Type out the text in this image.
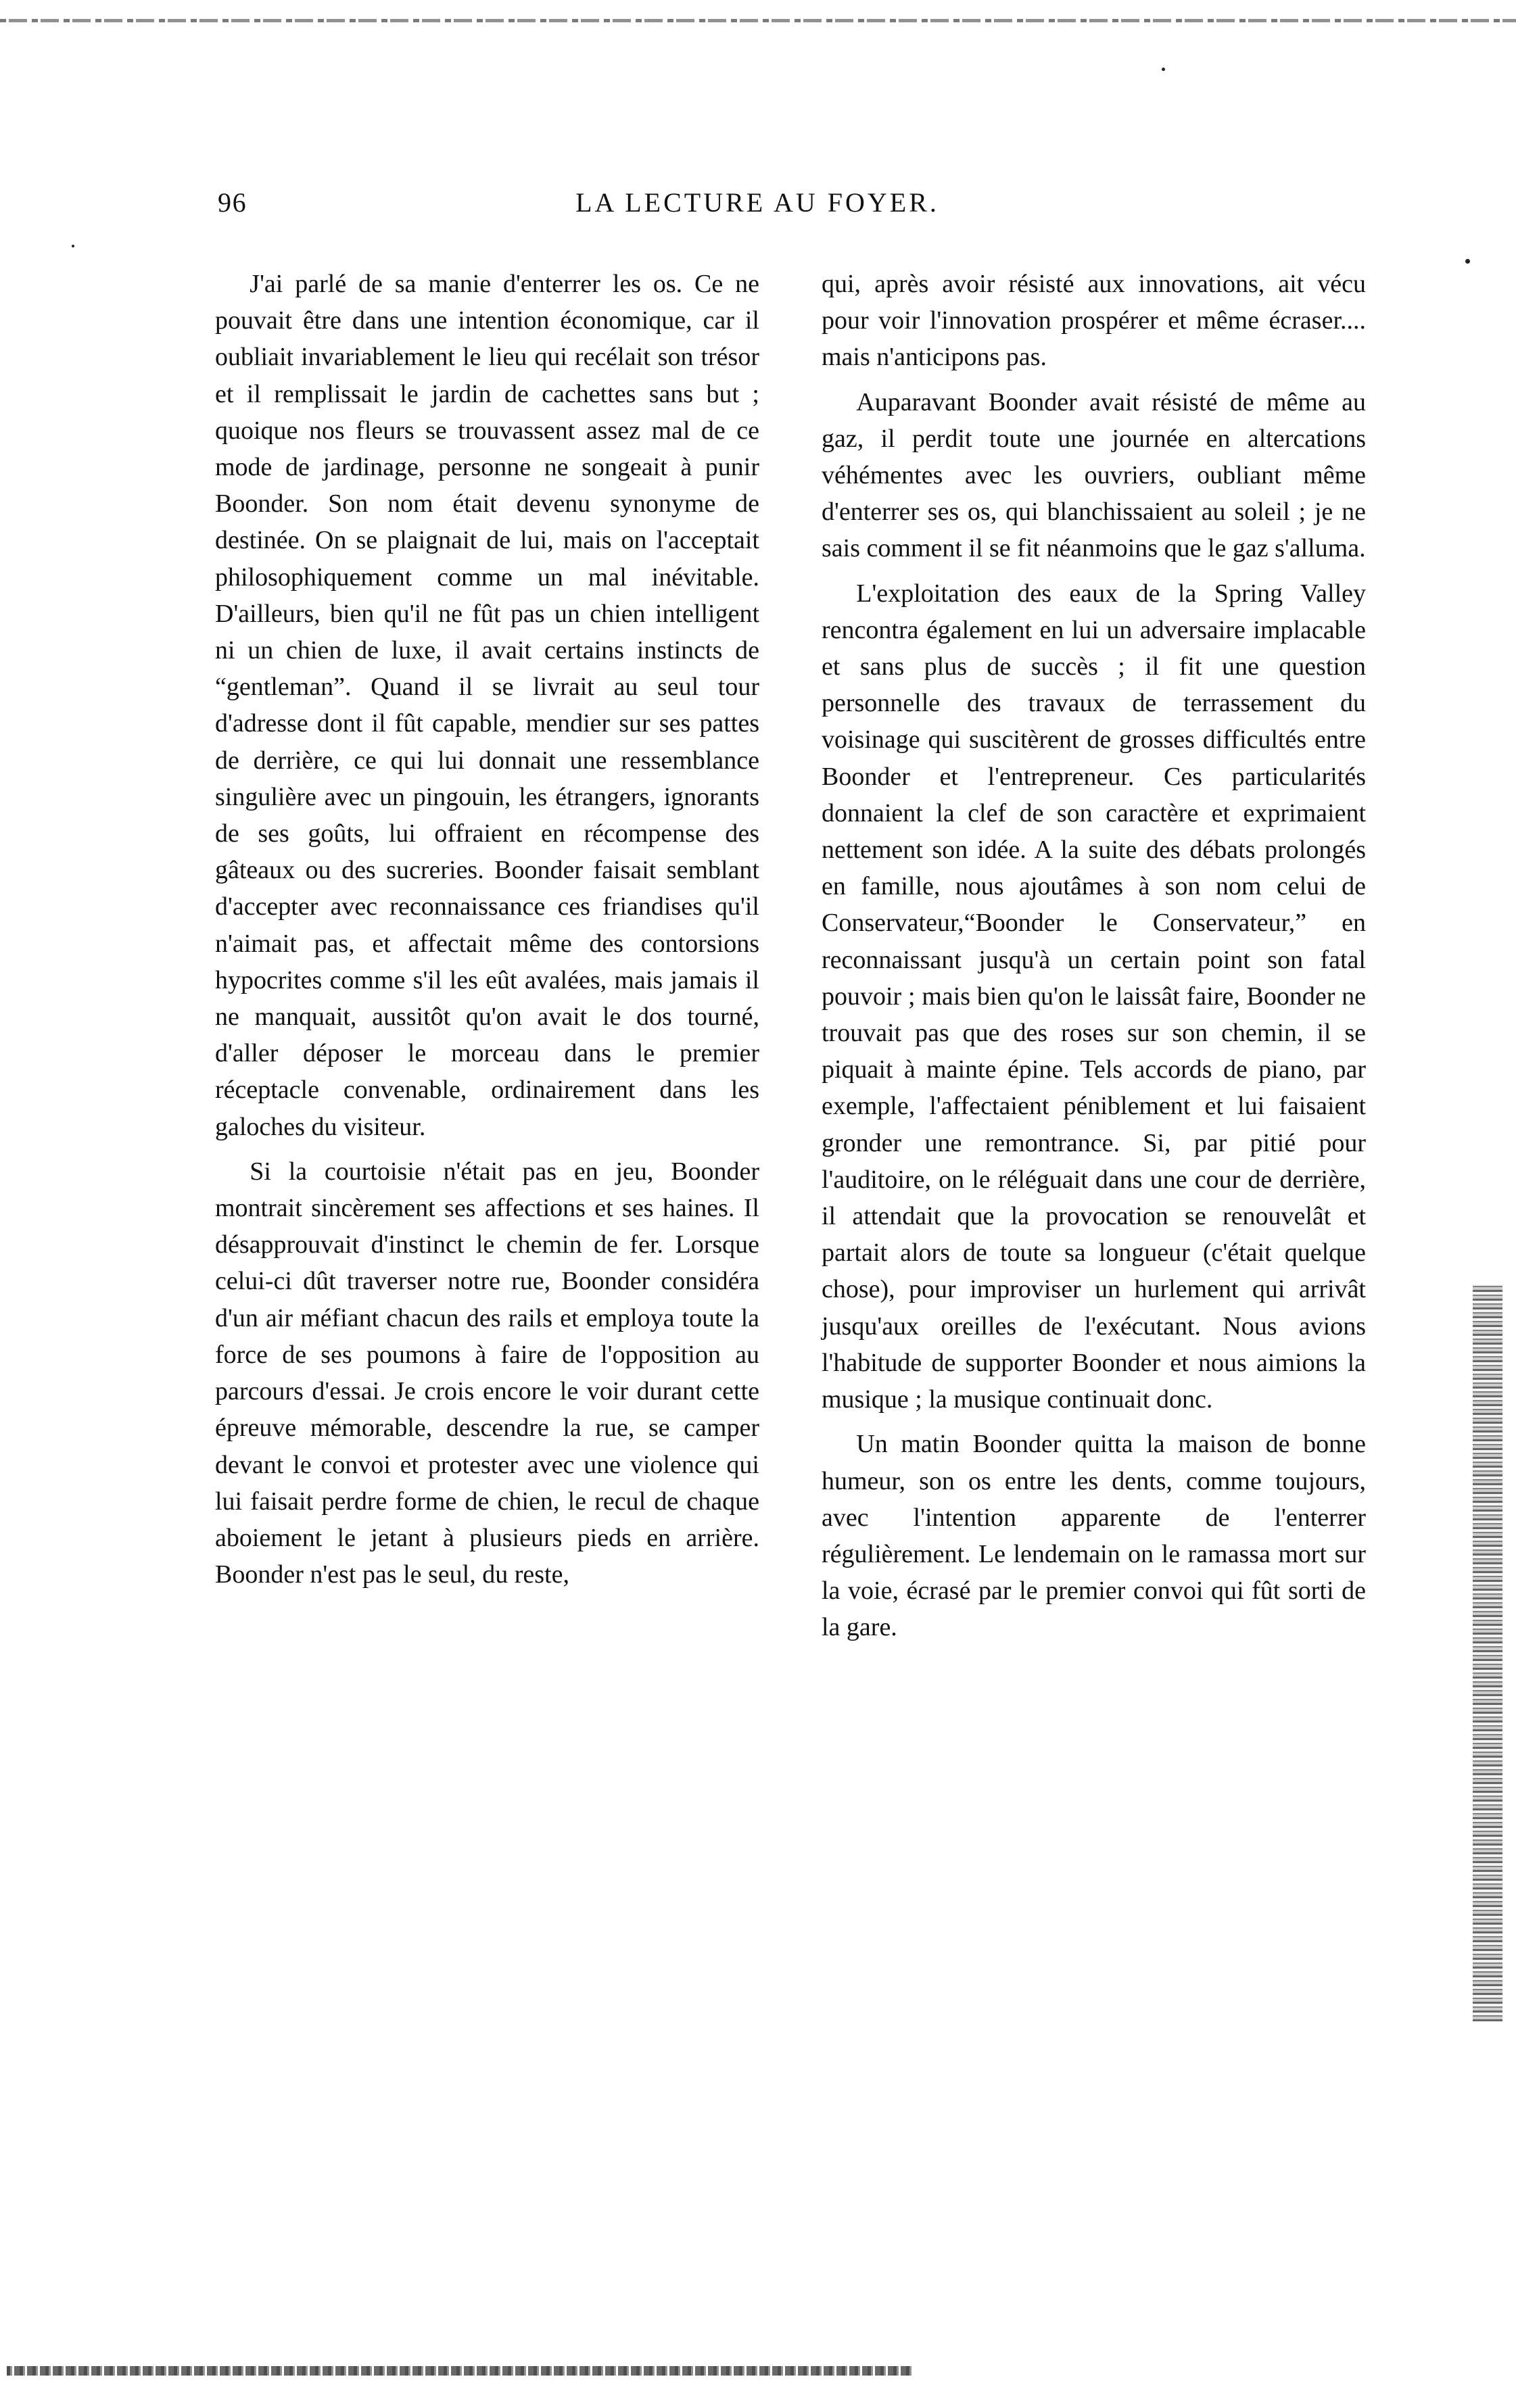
96	LA LECTURE AU FOYER.

J'ai parlé de sa manie d'enterrer les os. Ce ne pouvait être dans une intention économique, car il oubliait invariablement le lieu qui recélait son trésor et il remplissait le jardin de cachettes sans but ; quoique nos fleurs se trouvassent assez mal de ce mode de jardinage, personne ne songeait à punir Boonder. Son nom était devenu synonyme de destinée. On se plaignait de lui, mais on l'acceptait philosophiquement comme un mal inévitable. D'ailleurs, bien qu'il ne fût pas un chien intelligent ni un chien de luxe, il avait certains instincts de “gentleman”. Quand il se livrait au seul tour d'adresse dont il fût capable, mendier sur ses pattes de derrière, ce qui lui donnait une ressemblance singulière avec un pingouin, les étrangers, ignorants de ses goûts, lui offraient en récompense des gâteaux ou des sucreries. Boonder faisait semblant d'accepter avec reconnaissance ces friandises qu'il n'aimait pas, et affectait même des contorsions hypocrites comme s'il les eût avalées, mais jamais il ne manquait, aussitôt qu'on avait le dos tourné, d'aller déposer le morceau dans le premier réceptacle convenable, ordinairement dans les galoches du visiteur.

Si la courtoisie n'était pas en jeu, Boonder montrait sincèrement ses affections et ses haines. Il désapprouvait d'instinct le chemin de fer. Lorsque celui-ci dût traverser notre rue, Boonder considéra d'un air méfiant chacun des rails et employa toute la force de ses poumons à faire de l'opposition au parcours d'essai. Je crois encore le voir durant cette épreuve mémorable, descendre la rue, se camper devant le convoi et protester avec une violence qui lui faisait perdre forme de chien, le recul de chaque aboiement le jetant à plusieurs pieds en arrière. Boonder n'est pas le seul, du reste,

qui, après avoir résisté aux innovations, ait vécu pour voir l'innovation prospérer et même écraser.... mais n'anticipons pas.

Auparavant Boonder avait résisté de même au gaz, il perdit toute une journée en altercations véhémentes avec les ouvriers, oubliant même d'enterrer ses os, qui blanchissaient au soleil ; je ne sais comment il se fit néanmoins que le gaz s'alluma.

L'exploitation des eaux de la Spring Valley rencontra également en lui un adversaire implacable et sans plus de succès ; il fit une question personnelle des travaux de terrassement du voisinage qui suscitèrent de grosses difficultés entre Boonder et l'entrepreneur. Ces particularités donnaient la clef de son caractère et exprimaient nettement son idée. A la suite des débats prolongés en famille, nous ajoutâmes à son nom celui de Conservateur,“Boonder le Conservateur,” en reconnaissant jusqu'à un certain point son fatal pouvoir ; mais bien qu'on le laissât faire, Boonder ne trouvait pas que des roses sur son chemin, il se piquait à mainte épine. Tels accords de piano, par exemple, l'affectaient péniblement et lui faisaient gronder une remontrance. Si, par pitié pour l'auditoire, on le réléguait dans une cour de derrière, il attendait que la provocation se renouvelât et partait alors de toute sa longueur (c'était quelque chose), pour improviser un hurlement qui arrivât jusqu'aux oreilles de l'exécutant. Nous avions l'habitude de supporter Boonder et nous aimions la musique ; la musique continuait donc.

Un matin Boonder quitta la maison de bonne humeur, son os entre les dents, comme toujours, avec l'intention apparente de l'enterrer régulièrement. Le lendemain on le ramassa mort sur la voie, écrasé par le premier convoi qui fût sorti de la gare.
